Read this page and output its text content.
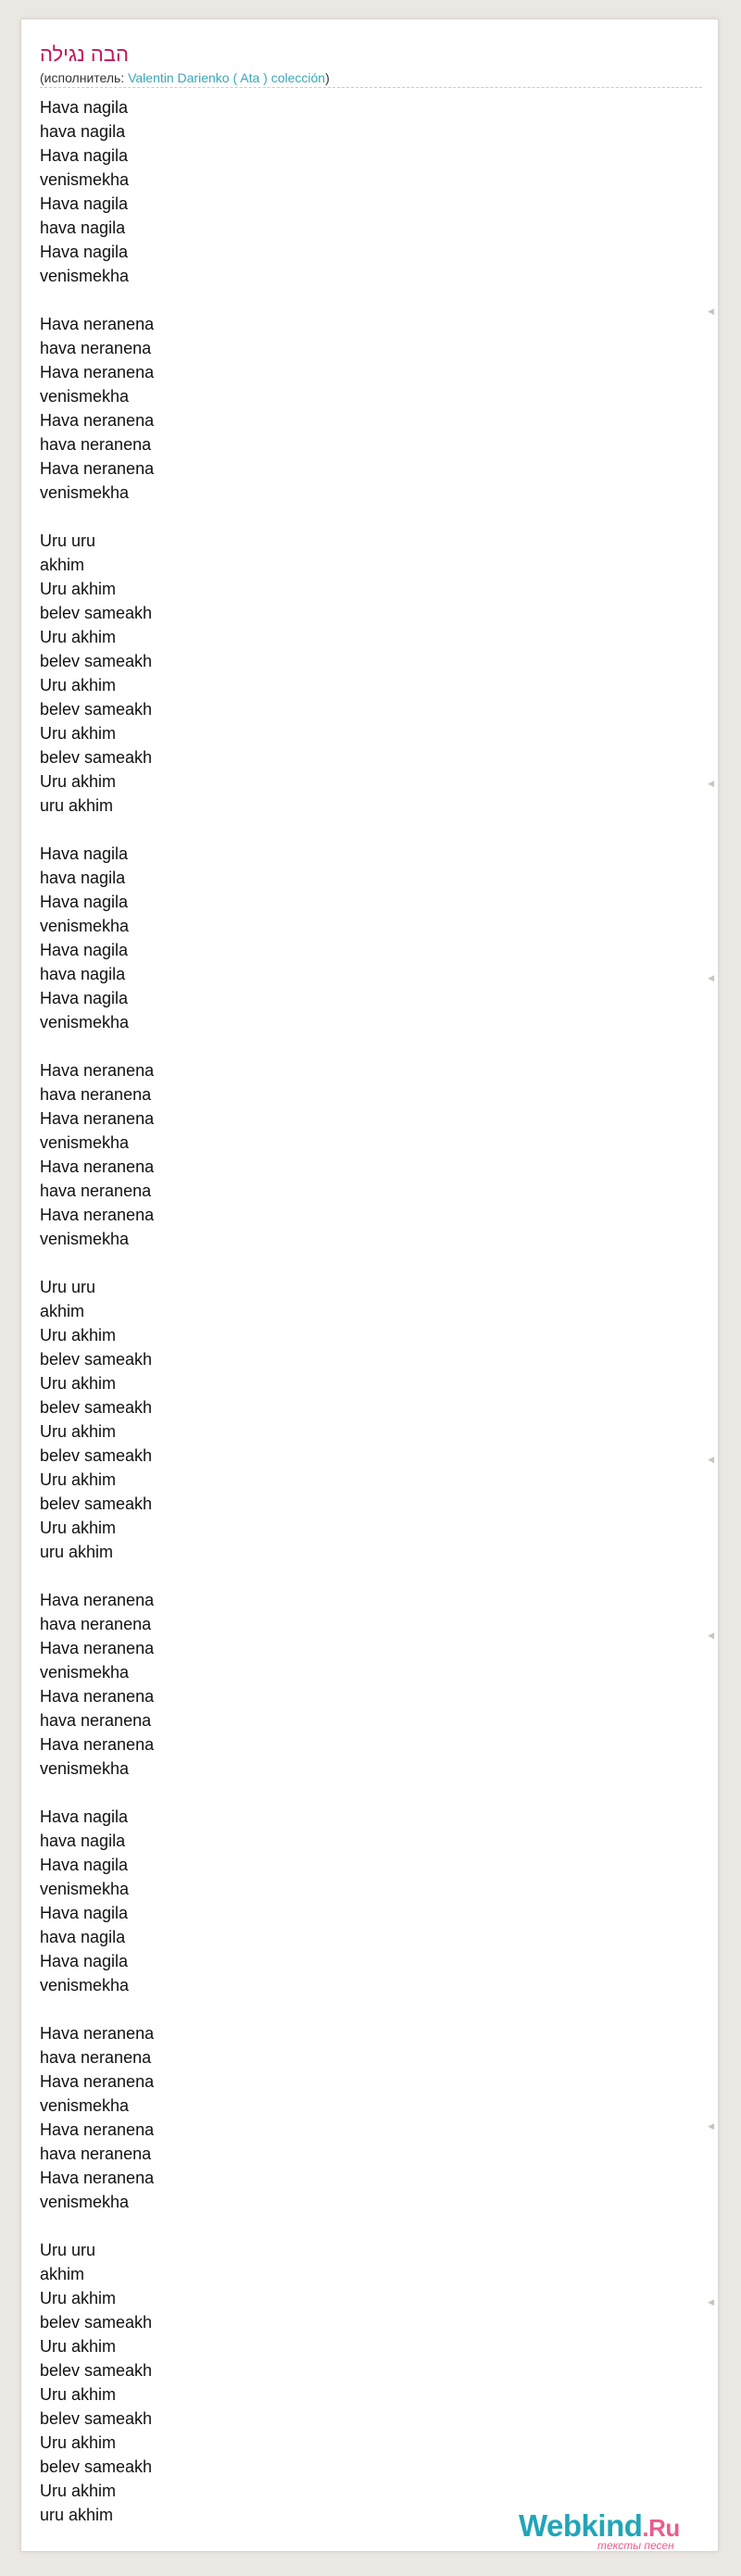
הבה נגילה
(исполнитель: Valentin Darienko ( Ata ) colección)
Hava nagila
hava nagila
Hava nagila
venismekha
Hava nagila
hava nagila
Hava nagila
venismekha
Hava neranena
hava neranena
Hava neranena
venismekha
Hava neranena
hava neranena
Hava neranena
venismekha
Uru uru
akhim
Uru akhim
belev sameakh
Uru akhim
belev sameakh
Uru akhim
belev sameakh
Uru akhim
belev sameakh
Uru akhim
uru akhim
Hava nagila
hava nagila
Hava nagila
venismekha
Hava nagila
hava nagila
Hava nagila
venismekha
Hava neranena
hava neranena
Hava neranena
venismekha
Hava neranena
hava neranena
Hava neranena
venismekha
Uru uru
akhim
Uru akhim
belev sameakh
Uru akhim
belev sameakh
Uru akhim
belev sameakh
Uru akhim
belev sameakh
Uru akhim
uru akhim
Hava neranena
hava neranena
Hava neranena
venismekha
Hava neranena
hava neranena
Hava neranena
venismekha
Hava nagila
hava nagila
Hava nagila
venismekha
Hava nagila
hava nagila
Hava nagila
venismekha
Hava neranena
hava neranena
Hava neranena
venismekha
Hava neranena
hava neranena
Hava neranena
venismekha
Uru uru
akhim
Uru akhim
belev sameakh
Uru akhim
belev sameakh
Uru akhim
belev sameakh
Uru akhim
belev sameakh
Uru akhim
uru akhim
◀
◀
◀
◀
◀
◀
◀
Webkind.Ru
тексты песен
